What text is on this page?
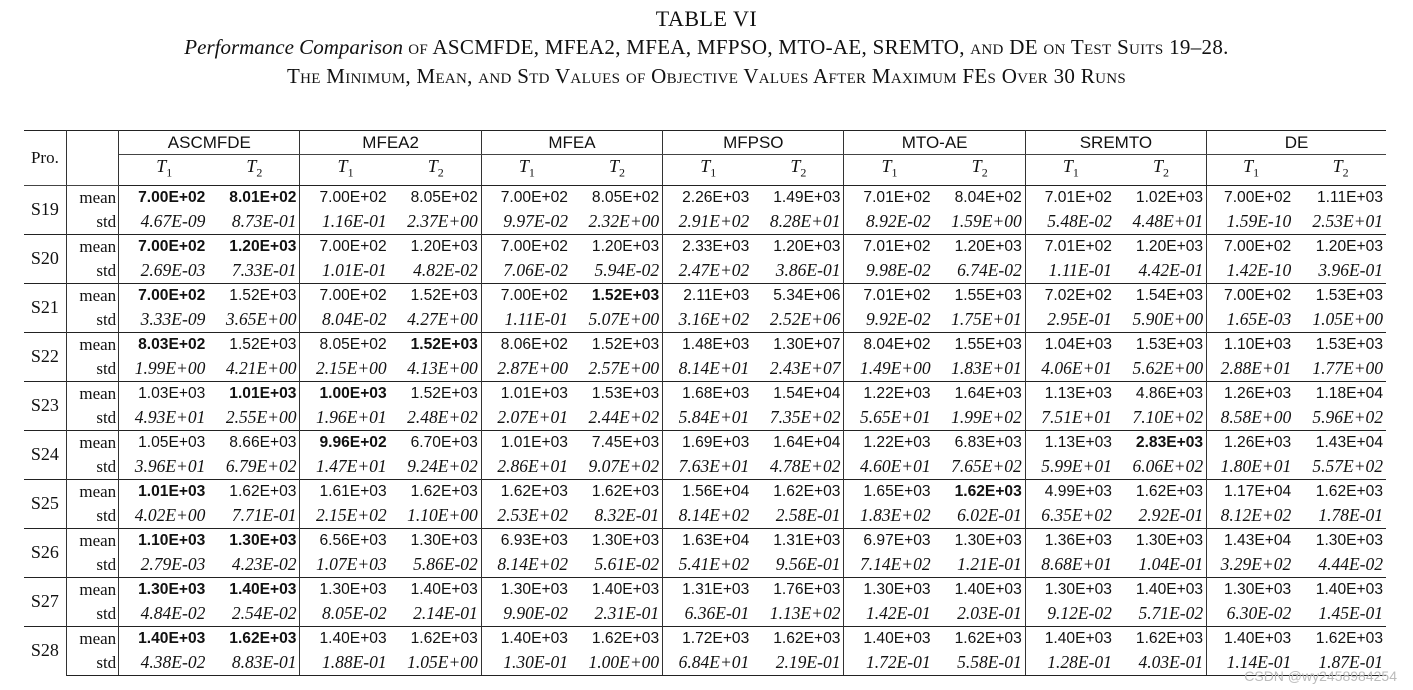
TABLE VI
Performance Comparison of ASCMFDE, MFEA2, MFEA, MFPSO, MTO-AE, SREMTO, and DE on Test Suits 19–28.
The Minimum, Mean, and Std Values of Objective Values After Maximum FEs Over 30 Runs
Pro.		ASCMFDE		MFEA2		MFEA		MFPSO		MTO-AE		SREMTO		DE	
		$T_1$	$T_2$	$T_1$	$T_2$	$T_1$	$T_2$	$T_1$	$T_2$	$T_1$	$T_2$	$T_1$	$T_2$	$T_1$	$T_2$
S19	mean	7.00E+02	8.01E+02	7.00E+02	8.05E+02	7.00E+02	8.05E+02	2.26E+03	1.49E+03	7.01E+02	8.04E+02	7.01E+02	1.02E+03	7.00E+02	1.11E+03
	std	4.67E-09	8.73E-01	1.16E-01	2.37E+00	9.97E-02	2.32E+00	2.91E+02	8.28E+01	8.92E-02	1.59E+00	5.48E-02	4.48E+01	1.59E-10	2.53E+01
S20	mean	7.00E+02	1.20E+03	7.00E+02	1.20E+03	7.00E+02	1.20E+03	2.33E+03	1.20E+03	7.01E+02	1.20E+03	7.01E+02	1.20E+03	7.00E+02	1.20E+03
	std	2.69E-03	7.33E-01	1.01E-01	4.82E-02	7.06E-02	5.94E-02	2.47E+02	3.86E-01	9.98E-02	6.74E-02	1.11E-01	4.42E-01	1.42E-10	3.96E-01
S21	mean	7.00E+02	1.52E+03	7.00E+02	1.52E+03	7.00E+02	1.52E+03	2.11E+03	5.34E+06	7.01E+02	1.55E+03	7.02E+02	1.54E+03	7.00E+02	1.53E+03
	std	3.33E-09	3.65E+00	8.04E-02	4.27E+00	1.11E-01	5.07E+00	3.16E+02	2.52E+06	9.92E-02	1.75E+01	2.95E-01	5.90E+00	1.65E-03	1.05E+00
S22	mean	8.03E+02	1.52E+03	8.05E+02	1.52E+03	8.06E+02	1.52E+03	1.48E+03	1.30E+07	8.04E+02	1.55E+03	1.04E+03	1.53E+03	1.10E+03	1.53E+03
	std	1.99E+00	4.21E+00	2.15E+00	4.13E+00	2.87E+00	2.57E+00	8.14E+01	2.43E+07	1.49E+00	1.83E+01	4.06E+01	5.62E+00	2.88E+01	1.77E+00
S23	mean	1.03E+03	1.01E+03	1.00E+03	1.52E+03	1.01E+03	1.53E+03	1.68E+03	1.54E+04	1.22E+03	1.64E+03	1.13E+03	4.86E+03	1.26E+03	1.18E+04
	std	4.93E+01	2.55E+00	1.96E+01	2.48E+02	2.07E+01	2.44E+02	5.84E+01	7.35E+02	5.65E+01	1.99E+02	7.51E+01	7.10E+02	8.58E+00	5.96E+02
S24	mean	1.05E+03	8.66E+03	9.96E+02	6.70E+03	1.01E+03	7.45E+03	1.69E+03	1.64E+04	1.22E+03	6.83E+03	1.13E+03	2.83E+03	1.26E+03	1.43E+04
	std	3.96E+01	6.79E+02	1.47E+01	9.24E+02	2.86E+01	9.07E+02	7.63E+01	4.78E+02	4.60E+01	7.65E+02	5.99E+01	6.06E+02	1.80E+01	5.57E+02
S25	mean	1.01E+03	1.62E+03	1.61E+03	1.62E+03	1.62E+03	1.62E+03	1.56E+04	1.62E+03	1.65E+03	1.62E+03	4.99E+03	1.62E+03	1.17E+04	1.62E+03
	std	4.02E+00	7.71E-01	2.15E+02	1.10E+00	2.53E+02	8.32E-01	8.14E+02	2.58E-01	1.83E+02	6.02E-01	6.35E+02	2.92E-01	8.12E+02	1.78E-01
S26	mean	1.10E+03	1.30E+03	6.56E+03	1.30E+03	6.93E+03	1.30E+03	1.63E+04	1.31E+03	6.97E+03	1.30E+03	1.36E+03	1.30E+03	1.43E+04	1.30E+03
	std	2.79E-03	4.23E-02	1.07E+03	5.86E-02	8.14E+02	5.61E-02	5.41E+02	9.56E-01	7.14E+02	1.21E-01	8.68E+01	1.04E-01	3.29E+02	4.44E-02
S27	mean	1.30E+03	1.40E+03	1.30E+03	1.40E+03	1.30E+03	1.40E+03	1.31E+03	1.76E+03	1.30E+03	1.40E+03	1.30E+03	1.40E+03	1.30E+03	1.40E+03
	std	4.84E-02	2.54E-02	8.05E-02	2.14E-01	9.90E-02	2.31E-01	6.36E-01	1.13E+02	1.42E-01	2.03E-01	9.12E-02	5.71E-02	6.30E-02	1.45E-01
S28	mean	1.40E+03	1.62E+03	1.40E+03	1.62E+03	1.40E+03	1.62E+03	1.72E+03	1.62E+03	1.40E+03	1.62E+03	1.40E+03	1.62E+03	1.40E+03	1.62E+03
	std	4.38E-02	8.83E-01	1.88E-01	1.05E+00	1.30E-01	1.00E+00	6.84E+01	2.19E-01	1.72E-01	5.58E-01	1.28E-01	4.03E-01	1.14E-01	1.87E-01
CSDN @wy2458984254
